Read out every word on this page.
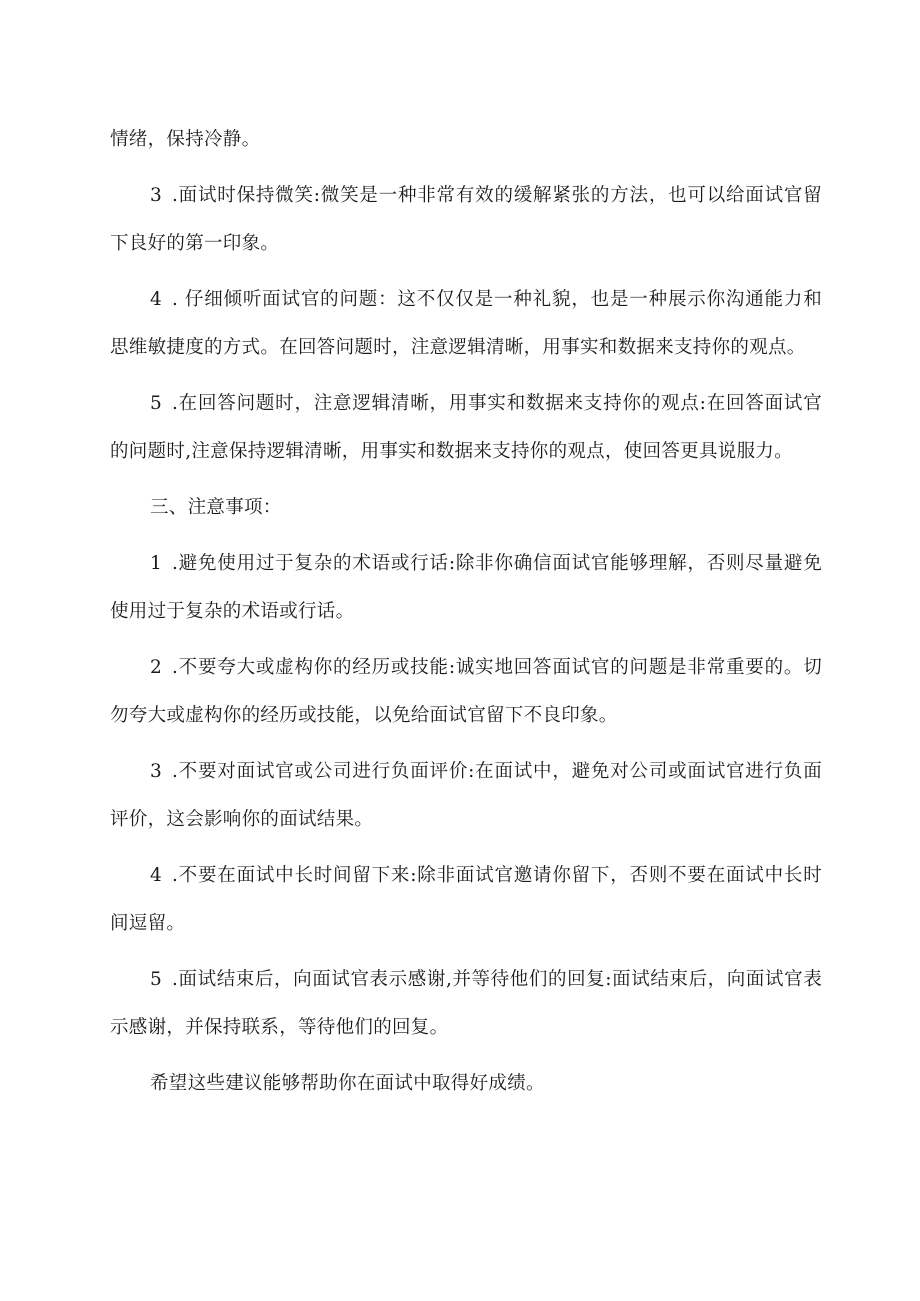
情绪，保持冷静。

3 .面试时保持微笑:微笑是一种非常有效的缓解紧张的方法，也可以给面试官留下良好的第一印象。

4 . 仔细倾听面试官的问题：这不仅仅是一种礼貌，也是一种展示你沟通能力和思维敏捷度的方式。在回答问题时，注意逻辑清晰，用事实和数据来支持你的观点。

5 .在回答问题时，注意逻辑清晰，用事实和数据来支持你的观点:在回答面试官的问题时,注意保持逻辑清晰，用事实和数据来支持你的观点，使回答更具说服力。

三、注意事项：

1 .避免使用过于复杂的术语或行话:除非你确信面试官能够理解，否则尽量避免使用过于复杂的术语或行话。

2 .不要夸大或虚构你的经历或技能:诚实地回答面试官的问题是非常重要的。切勿夸大或虚构你的经历或技能，以免给面试官留下不良印象。

3 .不要对面试官或公司进行负面评价:在面试中，避免对公司或面试官进行负面评价，这会影响你的面试结果。

4 .不要在面试中长时间留下来:除非面试官邀请你留下，否则不要在面试中长时间逗留。

5 .面试结束后，向面试官表示感谢,并等待他们的回复:面试结束后，向面试官表示感谢，并保持联系，等待他们的回复。

希望这些建议能够帮助你在面试中取得好成绩。
